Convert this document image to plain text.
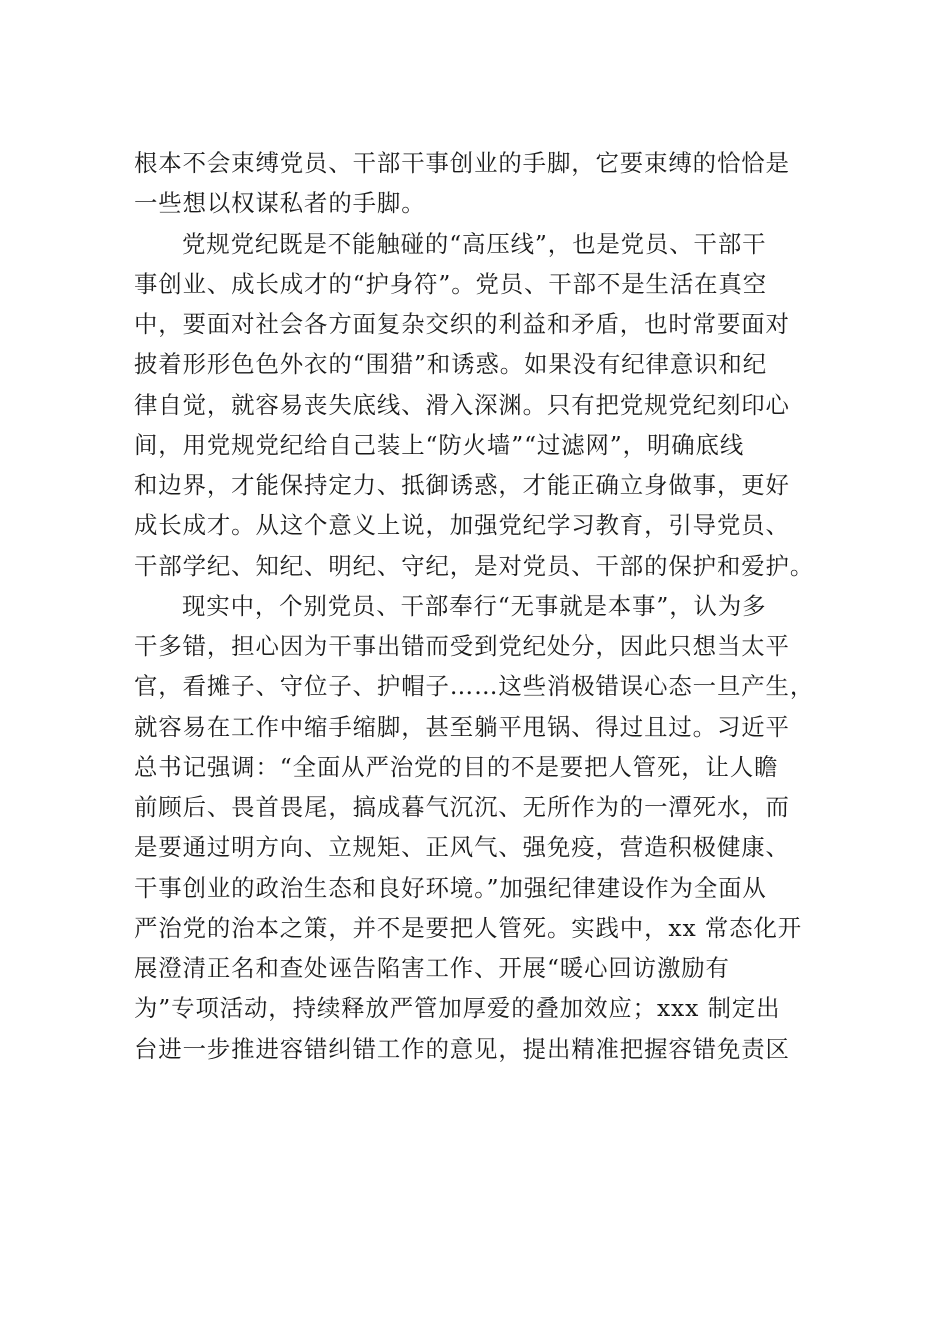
根本不会束缚党员、干部干事创业的手脚，它要束缚的恰恰是
一些想以权谋私者的手脚。
党规党纪既是不能触碰的“高压线”，也是党员、干部干
事创业、成长成才的“护身符”。党员、干部不是生活在真空
中，要面对社会各方面复杂交织的利益和矛盾，也时常要面对
披着形形色色外衣的“围猎”和诱惑。如果没有纪律意识和纪
律自觉，就容易丧失底线、滑入深渊。只有把党规党纪刻印心
间，用党规党纪给自己装上“防火墙”“过滤网”，明确底线
和边界，才能保持定力、抵御诱惑，才能正确立身做事，更好
成长成才。从这个意义上说，加强党纪学习教育，引导党员、
干部学纪、知纪、明纪、守纪，是对党员、干部的保护和爱护。
现实中，个别党员、干部奉行“无事就是本事”，认为多
干多错，担心因为干事出错而受到党纪处分，因此只想当太平
官，看摊子、守位子、护帽子……这些消极错误心态一旦产生，
就容易在工作中缩手缩脚，甚至躺平甩锅、得过且过。习近平
总书记强调：“全面从严治党的目的不是要把人管死，让人瞻
前顾后、畏首畏尾，搞成暮气沉沉、无所作为的一潭死水，而
是要通过明方向、立规矩、正风气、强免疫，营造积极健康、
干事创业的政治生态和良好环境。”加强纪律建设作为全面从
严治党的治本之策，并不是要把人管死。实践中，xx 常态化开
展澄清正名和查处诬告陷害工作、开展“暖心回访激励有
为”专项活动，持续释放严管加厚爱的叠加效应；xxx 制定出
台进一步推进容错纠错工作的意见，提出精准把握容错免责区
